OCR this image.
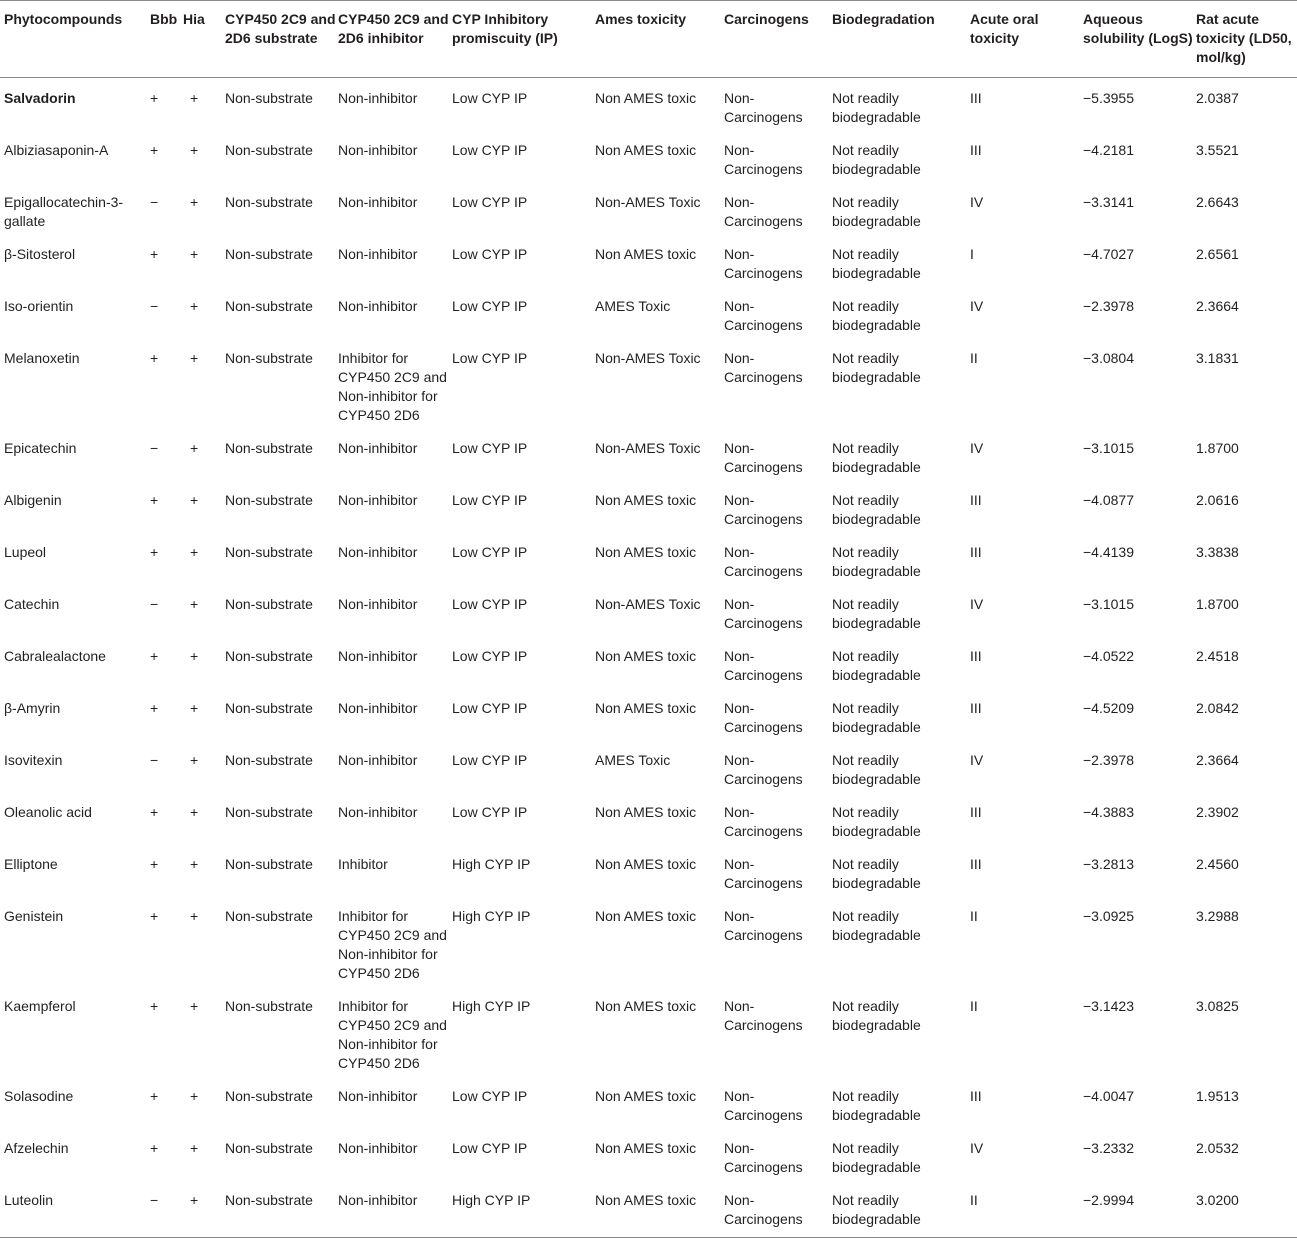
Phytocompounds	Bbb	Hia	CYP450 2C9 and 2D6 substrate	CYP450 2C9 and 2D6 inhibitor	CYP Inhibitory promiscuity (IP)	Ames toxicity	Carcinogens	Biodegradation	Acute oral toxicity	Aqueous solubility (LogS)	Rat acute toxicity (LD50, mol/kg)
Salvadorin	+	+	Non-substrate	Non-inhibitor	Low CYP IP	Non AMES toxic	Non-Carcinogens	Not readily biodegradable	III	−5.3955	2.0387
Albiziasaponin-A	+	+	Non-substrate	Non-inhibitor	Low CYP IP	Non AMES toxic	Non-Carcinogens	Not readily biodegradable	III	−4.2181	3.5521
Epigallocatechin-3-gallate	−	+	Non-substrate	Non-inhibitor	Low CYP IP	Non-AMES Toxic	Non-Carcinogens	Not readily biodegradable	IV	−3.3141	2.6643
β-Sitosterol	+	+	Non-substrate	Non-inhibitor	Low CYP IP	Non AMES toxic	Non-Carcinogens	Not readily biodegradable	I	−4.7027	2.6561
Iso-orientin	−	+	Non-substrate	Non-inhibitor	Low CYP IP	AMES Toxic	Non-Carcinogens	Not readily biodegradable	IV	−2.3978	2.3664
Melanoxetin	+	+	Non-substrate	Inhibitor for CYP450 2C9 and Non-inhibitor for CYP450 2D6	Low CYP IP	Non-AMES Toxic	Non-Carcinogens	Not readily biodegradable	II	−3.0804	3.1831
Epicatechin	−	+	Non-substrate	Non-inhibitor	Low CYP IP	Non-AMES Toxic	Non-Carcinogens	Not readily biodegradable	IV	−3.1015	1.8700
Albigenin	+	+	Non-substrate	Non-inhibitor	Low CYP IP	Non AMES toxic	Non-Carcinogens	Not readily biodegradable	III	−4.0877	2.0616
Lupeol	+	+	Non-substrate	Non-inhibitor	Low CYP IP	Non AMES toxic	Non-Carcinogens	Not readily biodegradable	III	−4.4139	3.3838
Catechin	−	+	Non-substrate	Non-inhibitor	Low CYP IP	Non-AMES Toxic	Non-Carcinogens	Not readily biodegradable	IV	−3.1015	1.8700
Cabralealactone	+	+	Non-substrate	Non-inhibitor	Low CYP IP	Non AMES toxic	Non-Carcinogens	Not readily biodegradable	III	−4.0522	2.4518
β-Amyrin	+	+	Non-substrate	Non-inhibitor	Low CYP IP	Non AMES toxic	Non-Carcinogens	Not readily biodegradable	III	−4.5209	2.0842
Isovitexin	−	+	Non-substrate	Non-inhibitor	Low CYP IP	AMES Toxic	Non-Carcinogens	Not readily biodegradable	IV	−2.3978	2.3664
Oleanolic acid	+	+	Non-substrate	Non-inhibitor	Low CYP IP	Non AMES toxic	Non-Carcinogens	Not readily biodegradable	III	−4.3883	2.3902
Elliptone	+	+	Non-substrate	Inhibitor	High CYP IP	Non AMES toxic	Non-Carcinogens	Not readily biodegradable	III	−3.2813	2.4560
Genistein	+	+	Non-substrate	Inhibitor for CYP450 2C9 and Non-inhibitor for CYP450 2D6	High CYP IP	Non AMES toxic	Non-Carcinogens	Not readily biodegradable	II	−3.0925	3.2988
Kaempferol	+	+	Non-substrate	Inhibitor for CYP450 2C9 and Non-inhibitor for CYP450 2D6	High CYP IP	Non AMES toxic	Non-Carcinogens	Not readily biodegradable	II	−3.1423	3.0825
Solasodine	+	+	Non-substrate	Non-inhibitor	Low CYP IP	Non AMES toxic	Non-Carcinogens	Not readily biodegradable	III	−4.0047	1.9513
Afzelechin	+	+	Non-substrate	Non-inhibitor	Low CYP IP	Non AMES toxic	Non-Carcinogens	Not readily biodegradable	IV	−3.2332	2.0532
Luteolin	−	+	Non-substrate	Non-inhibitor	High CYP IP	Non AMES toxic	Non-Carcinogens	Not readily biodegradable	II	−2.9994	3.0200
